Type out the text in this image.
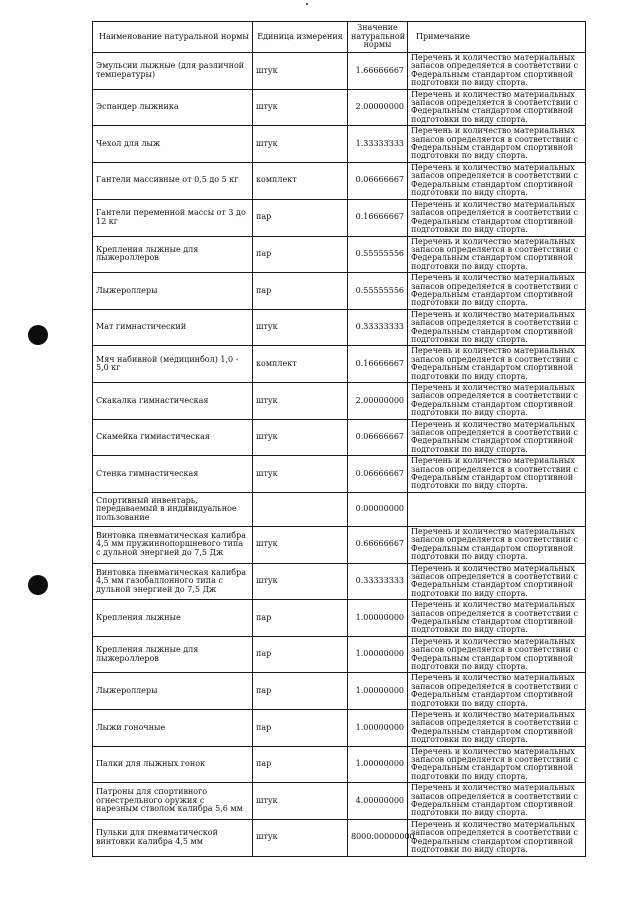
Наименование натуральной нормы	Единица измерения	Значение натуральной нормы	Примечание
Эмульсии лыжные (для различной температуры)	штук	1.66666667	Перечень и количество материальных запасов определяется в соответствии с Федеральным стандартом спортивной подготовки по виду спорта.
Эспандер лыжника	штук	2.00000000	Перечень и количество материальных запасов определяется в соответствии с Федеральным стандартом спортивной подготовки по виду спорта.
Чехол для лыж	штук	1.33333333	Перечень и количество материальных запасов определяется в соответствии с Федеральным стандартом спортивной подготовки по виду спорта.
Гантели массивные от 0,5 до 5 кг	комплект	0.06666667	Перечень и количество материальных запасов определяется в соответствии с Федеральным стандартом спортивной подготовки по виду спорта.
Гантели переменной массы от 3 до 12 кг	пар	0.16666667	Перечень и количество материальных запасов определяется в соответствии с Федеральным стандартом спортивной подготовки по виду спорта.
Крепления лыжные для лыжероллеров	пар	0.55555556	Перечень и количество материальных запасов определяется в соответствии с Федеральным стандартом спортивной подготовки по виду спорта.
Лыжероллеры	пар	0.55555556	Перечень и количество материальных запасов определяется в соответствии с Федеральным стандартом спортивной подготовки по виду спорта.
Мат гимнастический	штук	0.33333333	Перечень и количество материальных запасов определяется в соответствии с Федеральным стандартом спортивной подготовки по виду спорта.
Мяч набивной (медицинбол) 1,0 - 5,0 кг	комплект	0.16666667	Перечень и количество материальных запасов определяется в соответствии с Федеральным стандартом спортивной подготовки по виду спорта.
Скакалка гимнастическая	штук	2.00000000	Перечень и количество материальных запасов определяется в соответствии с Федеральным стандартом спортивной подготовки по виду спорта.
Скамейка гимнастическая	штук	0.06666667	Перечень и количество материальных запасов определяется в соответствии с Федеральным стандартом спортивной подготовки по виду спорта.
Стенка гимнастическая	штук	0.06666667	Перечень и количество материальных запасов определяется в соответствии с Федеральным стандартом спортивной подготовки по виду спорта.
Спортивный инвентарь, передаваемый в индивидуальное пользование		0.00000000	
Винтовка пневматическая калибра 4,5 мм пружиннопоршневого типа с дульной энергией до 7,5 Дж	штук	0.66666667	Перечень и количество материальных запасов определяется в соответствии с Федеральным стандартом спортивной подготовки по виду спорта.
Винтовка пневматическая калибра 4,5 мм газобаллонного типа с дульной энергией до 7,5 Дж	штук	0.33333333	Перечень и количество материальных запасов определяется в соответствии с Федеральным стандартом спортивной подготовки по виду спорта.
Крепления лыжные	пар	1.00000000	Перечень и количество материальных запасов определяется в соответствии с Федеральным стандартом спортивной подготовки по виду спорта.
Крепления лыжные для лыжероллеров	пар	1.00000000	Перечень и количество материальных запасов определяется в соответствии с Федеральным стандартом спортивной подготовки по виду спорта.
Лыжероллеры	пар	1.00000000	Перечень и количество материальных запасов определяется в соответствии с Федеральным стандартом спортивной подготовки по виду спорта.
Лыжи гоночные	пар	1.00000000	Перечень и количество материальных запасов определяется в соответствии с Федеральным стандартом спортивной подготовки по виду спорта.
Палки для лыжных гонок	пар	1.00000000	Перечень и количество материальных запасов определяется в соответствии с Федеральным стандартом спортивной подготовки по виду спорта.
Патроны для спортивного огнестрельного оружия с нарезным стволом калибра 5,6 мм	штук	4.00000000	Перечень и количество материальных запасов определяется в соответствии с Федеральным стандартом спортивной подготовки по виду спорта.
Пульки для пневматической винтовки калибра 4,5 мм	штук	8000.00000000	Перечень и количество материальных запасов определяется в соответствии с Федеральным стандартом спортивной подготовки по виду спорта.
